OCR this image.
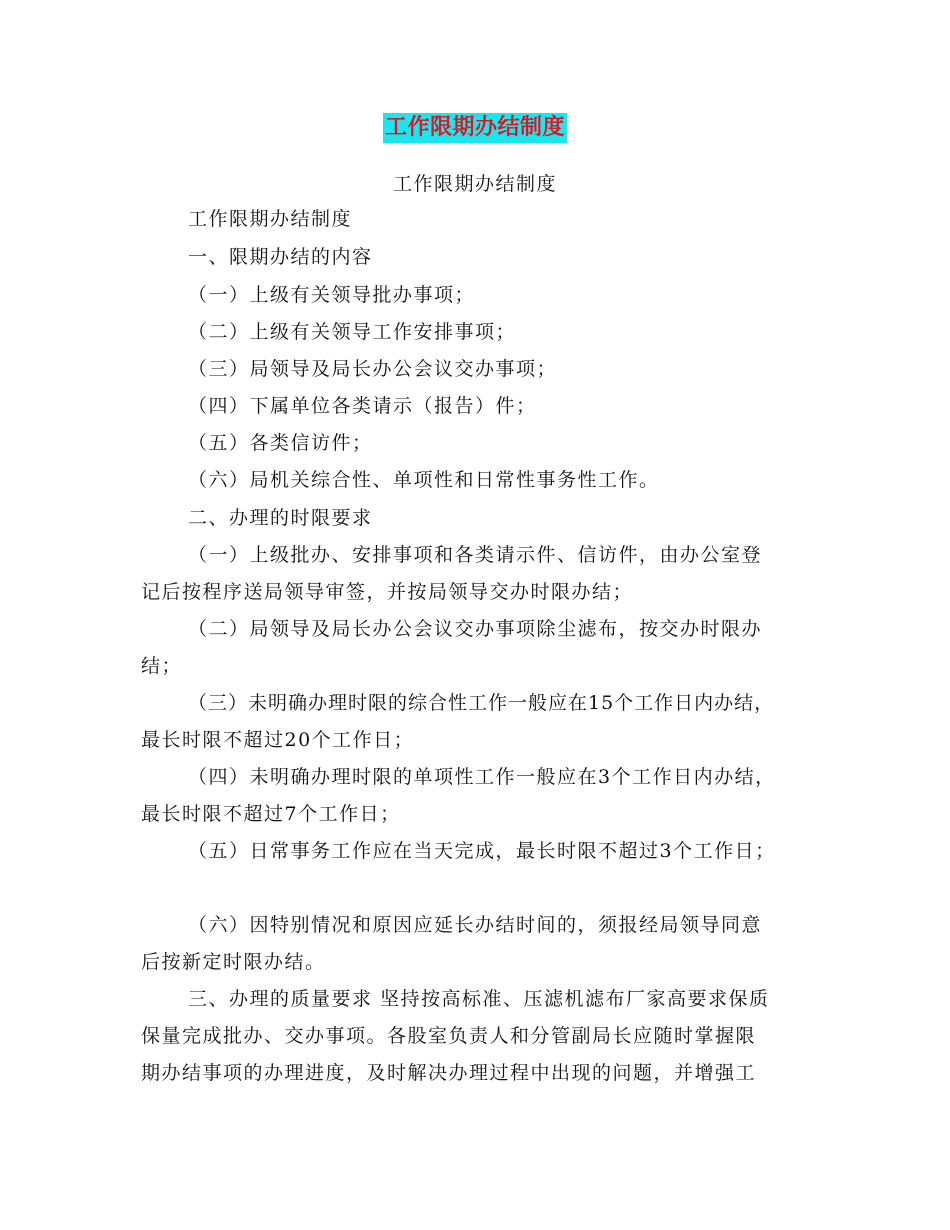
工作限期办结制度
工作限期办结制度
工作限期办结制度
一、限期办结的内容
（一）上级有关领导批办事项；
（二）上级有关领导工作安排事项；
（三）局领导及局长办公会议交办事项；
（四）下属单位各类请示（报告）件；
（五）各类信访件；
（六）局机关综合性、单项性和日常性事务性工作。
二、办理的时限要求
（一）上级批办、安排事项和各类请示件、信访件，由办公室登
记后按程序送局领导审签，并按局领导交办时限办结；
（二）局领导及局长办公会议交办事项除尘滤布，按交办时限办
结；
（三）未明确办理时限的综合性工作一般应在15个工作日内办结，
最长时限不超过20个工作日；
（四）未明确办理时限的单项性工作一般应在3个工作日内办结，
最长时限不超过7个工作日；
（五）日常事务工作应在当天完成，最长时限不超过3个工作日；
（六）因特别情况和原因应延长办结时间的，须报经局领导同意
后按新定时限办结。
三、办理的质量要求 坚持按高标准、压滤机滤布厂家高要求保质
保量完成批办、交办事项。各股室负责人和分管副局长应随时掌握限
期办结事项的办理进度，及时解决办理过程中出现的问题，并增强工
